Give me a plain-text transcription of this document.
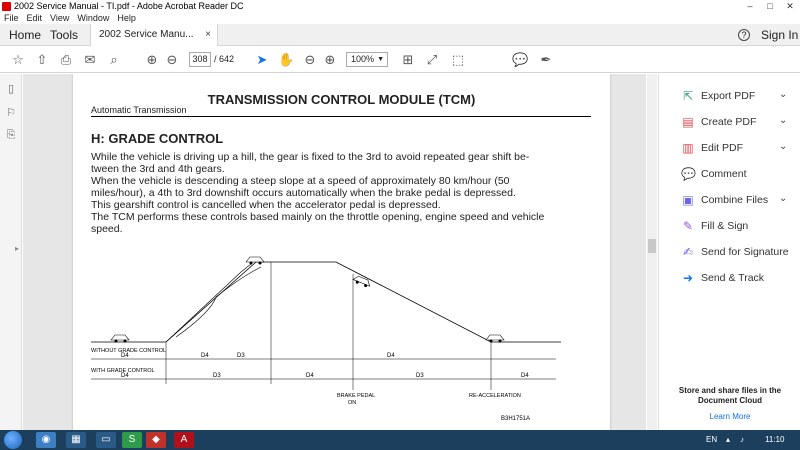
2002 Service Manual - TI.pdf - Adobe Acrobat Reader DC	–	□	✕
File Edit View Window Help
Home Tools	2002 Service Manu... ×	? Sign In
☆ ⇧ ⎙ ✉	⌕	⊕ ⊖	308 / 642 ➤ ✋ ⊖ ⊕	100% ▼ ⊞ ⤢ ⬚	💬 ✒
▯
⚐
⎘
▸
TRANSMISSION CONTROL MODULE (TCM)
Automatic Transmission
H: GRADE CONTROL

While the vehicle is driving up a hill, the gear is fixed to the 3rd to avoid repeated gear shift be-tween the 3rd and 4th gears.

When the vehicle is descending a steep slope at a speed of approximately 80 km/hour (50 miles/hour), a 4th to 3rd downshift occurs automatically when the brake pedal is depressed.

This gearshift control is cancelled when the accelerator pedal is depressed.

The TCM performs these controls based mainly on the throttle opening, engine speed and vehicle speed.

WITHOUT GRADE CONTROL
D4	D4	D3	D4
WITH GRADE CONTROL
D4	D3	D4	D3	D4
BRAKE PEDAL
ON
RE-ACCELERATION
B3H1751A
⇱ Export PDF ⌄
▤ Create PDF ⌄
▥ Edit PDF	⌄
💬 Comment
▣ Combine Files ⌄
✎ Fill & Sign
✍ Send for Signature
➜ Send & Track
Store and share files in the Document Cloud
Learn More
◉	▦	▭	S	◆	A	EN ▴ ♪	11:10
